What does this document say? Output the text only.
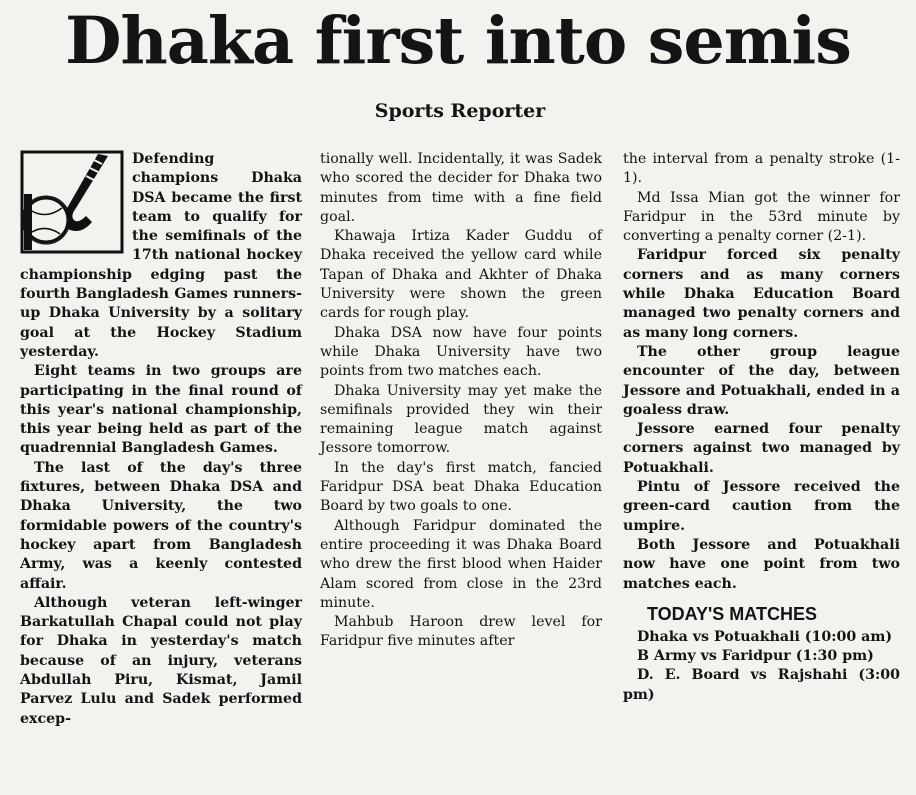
Dhaka first into semis
Sports Reporter

Defending champions Dhaka DSA became the first team to qualify for the semifinals of the 17th national hockey championship edging past the fourth Bangladesh Games runners-up Dhaka University by a solitary goal at the Hockey Stadium yesterday.

Eight teams in two groups are participating in the final round of this year's national championship, this year being held as part of the quadrennial Bangladesh Games.

The last of the day's three fixtures, between Dhaka DSA and Dhaka University, the two formidable powers of the country's hockey apart from Bangladesh Army, was a keenly contested affair.

Although veteran left-winger Barkatullah Chapal could not play for Dhaka in yesterday's match because of an injury, veterans Abdullah Piru, Kismat, Jamil Parvez Lulu and Sadek performed excep-

tionally well. Incidentally, it was Sadek who scored the decider for Dhaka two minutes from time with a fine field goal.

Khawaja Irtiza Kader Guddu of Dhaka received the yellow card while Tapan of Dhaka and Akhter of Dhaka University were shown the green cards for rough play.

Dhaka DSA now have four points while Dhaka University have two points from two matches each.

Dhaka University may yet make the semifinals provided they win their remaining league match against Jessore tomorrow.

In the day's first match, fancied Faridpur DSA beat Dhaka Education Board by two goals to one.

Although Faridpur dominated the entire proceeding it was Dhaka Board who drew the first blood when Haider Alam scored from close in the 23rd minute.

Mahbub Haroon drew level for Faridpur five minutes after

the interval from a penalty stroke (1-1).

Md Issa Mian got the winner for Faridpur in the 53rd minute by converting a penalty corner (2-1).

Faridpur forced six penalty corners and as many corners while Dhaka Education Board managed two penalty corners and as many long corners.

The other group league encounter of the day, between Jessore and Potuakhali, ended in a goaless draw.

Jessore earned four penalty corners against two managed by Potuakhali.

Pintu of Jessore received the green-card caution from the umpire.

Both Jessore and Potuakhali now have one point from two matches each.

TODAY'S MATCHES

Dhaka vs Potuakhali (10:00 am)

B Army vs Faridpur (1:30 pm)

D. E. Board vs Rajshahi (3:00 pm)
